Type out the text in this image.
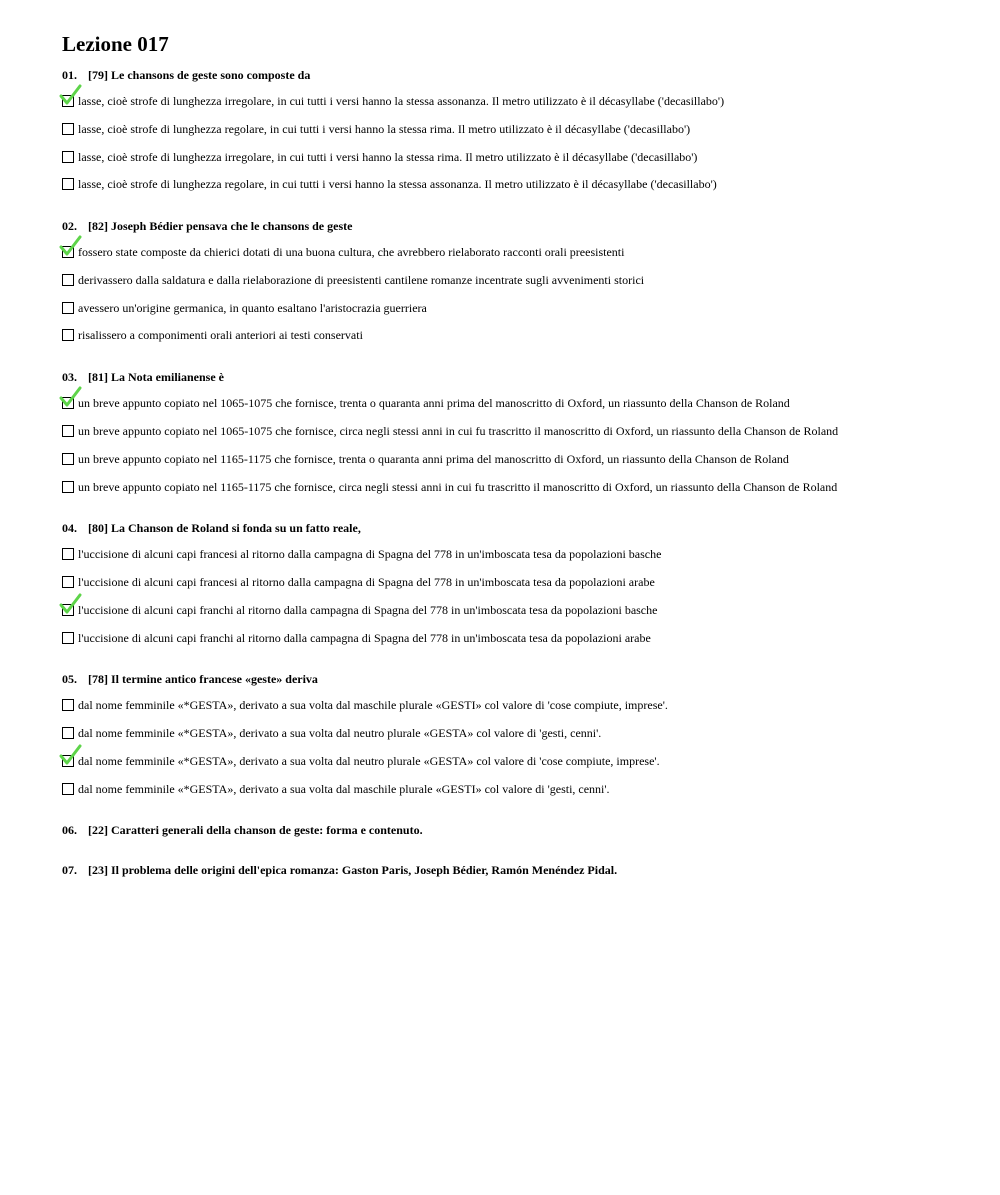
Lezione 017
01. [79] Le chansons de geste sono composte da
lasse, cioè strofe di lunghezza irregolare, in cui tutti i versi hanno la stessa assonanza. Il metro utilizzato è il décasyllabe ('decasillabo')
lasse, cioè strofe di lunghezza regolare, in cui tutti i versi hanno la stessa rima. Il metro utilizzato è il décasyllabe ('decasillabo')
lasse, cioè strofe di lunghezza irregolare, in cui tutti i versi hanno la stessa rima. Il metro utilizzato è il décasyllabe ('decasillabo')
lasse, cioè strofe di lunghezza regolare, in cui tutti i versi hanno la stessa assonanza. Il metro utilizzato è il décasyllabe ('decasillabo')
02. [82] Joseph Bédier pensava che le chansons de geste
fossero state composte da chierici dotati di una buona cultura, che avrebbero rielaborato racconti orali preesistenti
derivassero dalla saldatura e dalla rielaborazione di preesistenti cantilene romanze incentrate sugli avvenimenti storici
avessero un'origine germanica, in quanto esaltano l'aristocrazia guerriera
risalissero a componimenti orali anteriori ai testi conservati
03. [81] La Nota emilianense è
un breve appunto copiato nel 1065-1075 che fornisce, trenta o quaranta anni prima del manoscritto di Oxford, un riassunto della Chanson de Roland
un breve appunto copiato nel 1065-1075 che fornisce, circa negli stessi anni in cui fu trascritto il manoscritto di Oxford, un riassunto della Chanson de Roland
un breve appunto copiato nel 1165-1175 che fornisce, trenta o quaranta anni prima del manoscritto di Oxford, un riassunto della Chanson de Roland
un breve appunto copiato nel 1165-1175 che fornisce, circa negli stessi anni in cui fu trascritto il manoscritto di Oxford, un riassunto della Chanson de Roland
04. [80] La Chanson de Roland si fonda su un fatto reale,
l'uccisione di alcuni capi francesi al ritorno dalla campagna di Spagna del 778 in un'imboscata tesa da popolazioni basche
l'uccisione di alcuni capi francesi al ritorno dalla campagna di Spagna del 778 in un'imboscata tesa da popolazioni arabe
l'uccisione di alcuni capi franchi al ritorno dalla campagna di Spagna del 778 in un'imboscata tesa da popolazioni basche
l'uccisione di alcuni capi franchi al ritorno dalla campagna di Spagna del 778 in un'imboscata tesa da popolazioni arabe
05. [78] Il termine antico francese «geste» deriva
dal nome femminile «*GESTA», derivato a sua volta dal maschile plurale «GESTI» col valore di 'cose compiute, imprese'.
dal nome femminile «*GESTA», derivato a sua volta dal neutro plurale «GESTA» col valore di 'gesti, cenni'.
dal nome femminile «*GESTA», derivato a sua volta dal neutro plurale «GESTA» col valore di 'cose compiute, imprese'.
dal nome femminile «*GESTA», derivato a sua volta dal maschile plurale «GESTI» col valore di 'gesti, cenni'.
06. [22] Caratteri generali della chanson de geste: forma e contenuto.
07. [23] Il problema delle origini dell'epica romanza: Gaston Paris, Joseph Bédier, Ramón Menéndez Pidal.
